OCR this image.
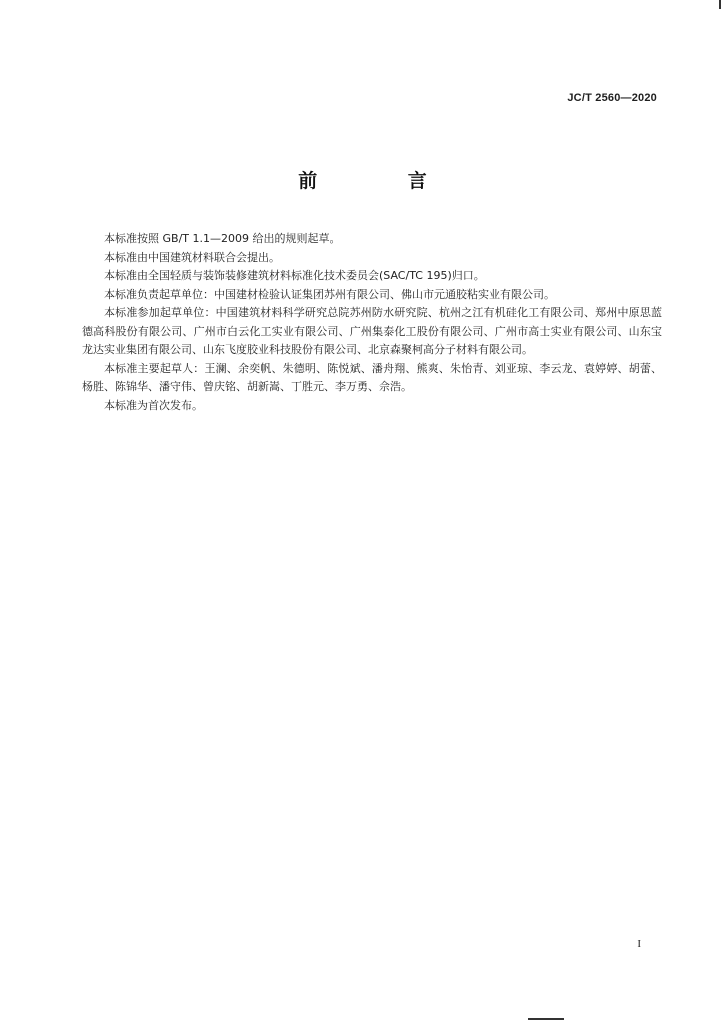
JC/T 2560—2020
前 言

本标准按照 GB/T 1.1—2009 给出的规则起草。

本标准由中国建筑材料联合会提出。

本标准由全国轻质与装饰装修建筑材料标准化技术委员会(SAC/TC 195)归口。

本标准负责起草单位：中国建材检验认证集团苏州有限公司、佛山市元通胶粘实业有限公司。

本标准参加起草单位：中国建筑材料科学研究总院苏州防水研究院、杭州之江有机硅化工有限公司、郑州中原思蓝德高科股份有限公司、广州市白云化工实业有限公司、广州集泰化工股份有限公司、广州市高士实业有限公司、山东宝龙达实业集团有限公司、山东飞度胶业科技股份有限公司、北京森聚柯高分子材料有限公司。

本标准主要起草人：王澜、余奕帆、朱德明、陈悦斌、潘舟翔、熊爽、朱怡青、刘亚琼、李云龙、袁婷婷、胡蕾、杨胜、陈锦华、潘守伟、曾庆铭、胡新嵩、丁胜元、李万勇、佘浩。

本标准为首次发布。

I
